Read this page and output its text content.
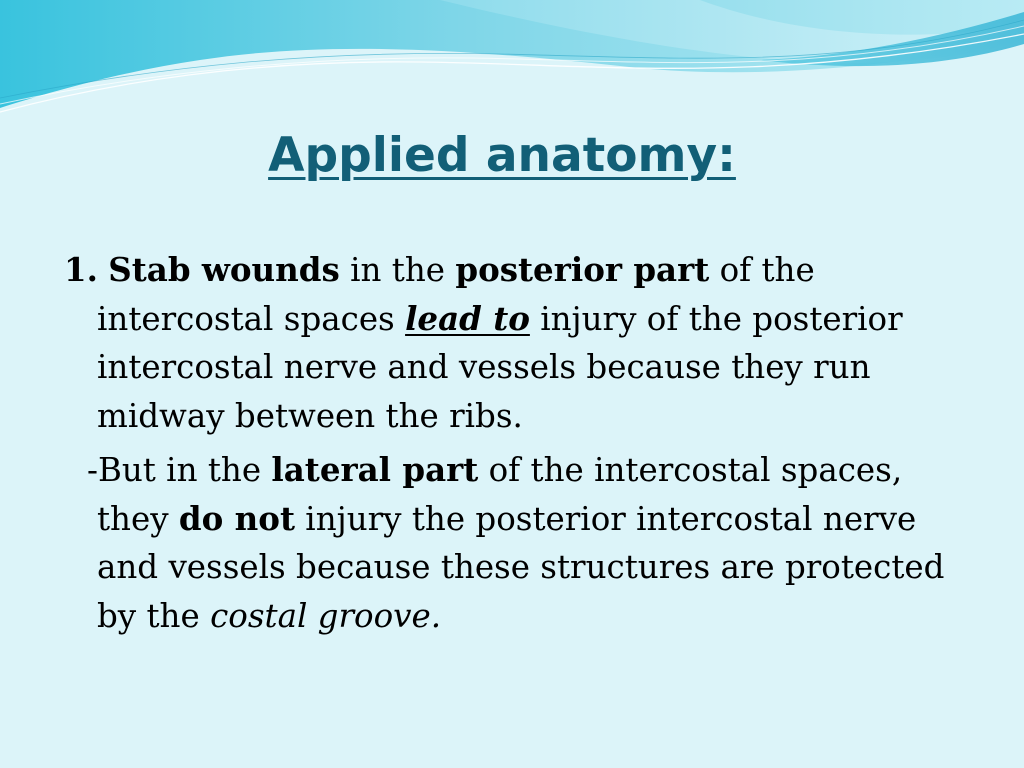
Applied anatomy:

1. Stab wounds in the posterior part of the intercostal spaces lead to injury of the posterior intercostal nerve and vessels because they run midway between the ribs.

-But in the lateral part of the intercostal spaces, they do not injury the posterior intercostal nerve and vessels because these structures are protected by the costal groove.
